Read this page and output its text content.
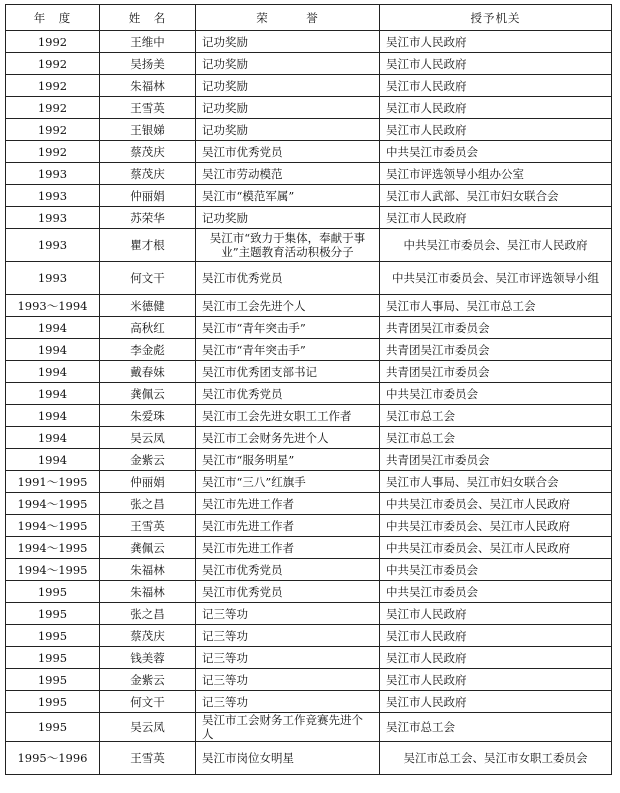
年　度	姓　名	荣　　　誉	授予机关
1992	王维中	记功奖励	吴江市人民政府
1992	吴扬美	记功奖励	吴江市人民政府
1992	朱福林	记功奖励	吴江市人民政府
1992	王雪英	记功奖励	吴江市人民政府
1992	王银娣	记功奖励	吴江市人民政府
1992	蔡茂庆	吴江市优秀党员	中共吴江市委员会
1993	蔡茂庆	吴江市劳动模范	吴江市评选领导小组办公室
1993	仲丽娟	吴江市“模范军属”	吴江市人武部、吴江市妇女联合会
1993	苏荣华	记功奖励	吴江市人民政府
1993	瞿才根	吴江市“致力于集体，奉献于事业”主题教育活动积极分子	中共吴江市委员会、吴江市人民政府
1993	何文干	吴江市优秀党员	中共吴江市委员会、吴江市评选领导小组
1993～1994	米德健	吴江市工会先进个人	吴江市人事局、吴江市总工会
1994	高秋红	吴江市“青年突击手”	共青团吴江市委员会
1994	李金彪	吴江市“青年突击手”	共青团吴江市委员会
1994	戴春妹	吴江市优秀团支部书记	共青团吴江市委员会
1994	龚佩云	吴江市优秀党员	中共吴江市委员会
1994	朱爱珠	吴江市工会先进女职工工作者	吴江市总工会
1994	吴云凤	吴江市工会财务先进个人	吴江市总工会
1994	金紫云	吴江市“服务明星”	共青团吴江市委员会
1991～1995	仲丽娟	吴江市“三八”红旗手	吴江市人事局、吴江市妇女联合会
1994～1995	张之昌	吴江市先进工作者	中共吴江市委员会、吴江市人民政府
1994～1995	王雪英	吴江市先进工作者	中共吴江市委员会、吴江市人民政府
1994～1995	龚佩云	吴江市先进工作者	中共吴江市委员会、吴江市人民政府
1994～1995	朱福林	吴江市优秀党员	中共吴江市委员会
1995	朱福林	吴江市优秀党员	中共吴江市委员会
1995	张之昌	记三等功	吴江市人民政府
1995	蔡茂庆	记三等功	吴江市人民政府
1995	钱美蓉	记三等功	吴江市人民政府
1995	金紫云	记三等功	吴江市人民政府
1995	何文干	记三等功	吴江市人民政府
1995	吴云凤	吴江市工会财务工作竞赛先进个人	吴江市总工会
1995～1996	王雪英	吴江市岗位女明星	吴江市总工会、吴江市女职工委员会
